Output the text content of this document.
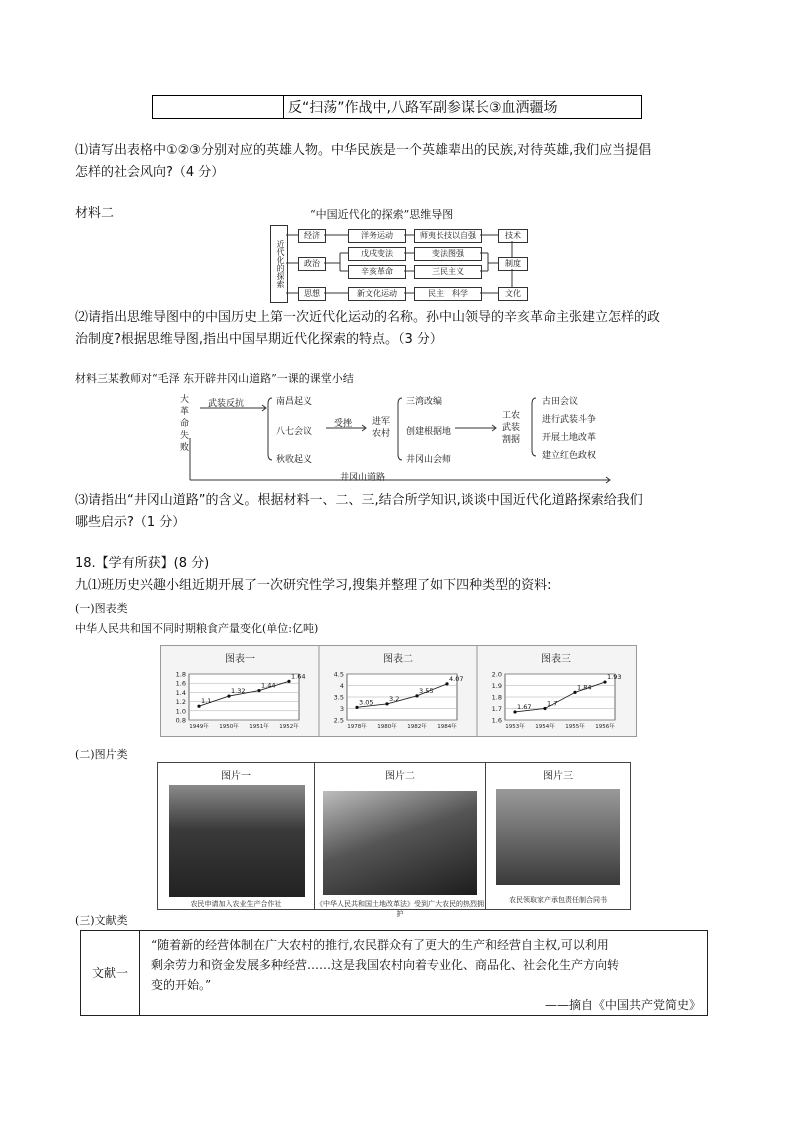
	反“扫荡”作战中,八路军副参谋长③血洒疆场
⑴请写出表格中①②③分别对应的英雄人物。中华民族是一个英雄辈出的民族,对待英雄,我们应当提倡
怎样的社会风向?（4 分）
材料二	“中国近代化的探索”思维导图
近代化的探索
经济	洋务运动	师夷长技以自强	技术
政治
戊戌变法	变法图强
制度
辛亥革命	三民主义
思想	新文化运动	民主　科学	文化
⑵请指出思维导图中的中国历史上第一次近代化运动的名称。孙中山领导的辛亥革命主张建立怎样的政
治制度?根据思维导图,指出中国早期近代化探索的特点。（3 分）
材料三某教师对“毛泽 东开辟井冈山道路”一课的课堂小结
大革命失败
武装反抗	南昌起义
八七会议
秋收起义
受挫 进军农村
三湾改编
创建根据地
井冈山会师
工农武装割据
古田会议
进行武装斗争
开展土地改革
建立红色政权
井冈山道路
⑶请指出“井冈山道路”的含义。根据材料一、二、三,结合所学知识,谈谈中国近代化道路探索给我们
哪些启示?（1 分）
18.【学有所获】(8 分)
九⑴班历史兴趣小组近期开展了一次研究性学习,搜集并整理了如下四种类型的资料:
(一)图表类
中华人民共和国不同时期粮食产量变化(单位:亿吨)
图表一
1.8
1.6
1.4
1.2
1.0
0.8
1949年 1950年 1951年 1952年
1.1
1.32
1.44
1.64
图表二
4.5
4
3.5
3
2.5
1978年 1980年 1982年 1984年
3.05 3.2
3.55
4.07
图表三
2.0
1.9
1.8
1.7
1.6
1953年 1954年 1955年 1956年
1.67 1.7
1.84
1.93
(二)图片类
图片一
农民申请加入农业生产合作社
图片二
《中华人民共和国土地改革法》受到广大农民的热烈拥护
图片三
农民领取家产承包责任制合同书
(三)文献类
文献一
“随着新的经营体制在广大农村的推行,农民群众有了更大的生产和经营自主权,可以利用
剩余劳力和资金发展多种经营……这是我国农村向着专业化、商品化、社会化生产方向转
变的开始。”
——摘自《中国共产党简史》
